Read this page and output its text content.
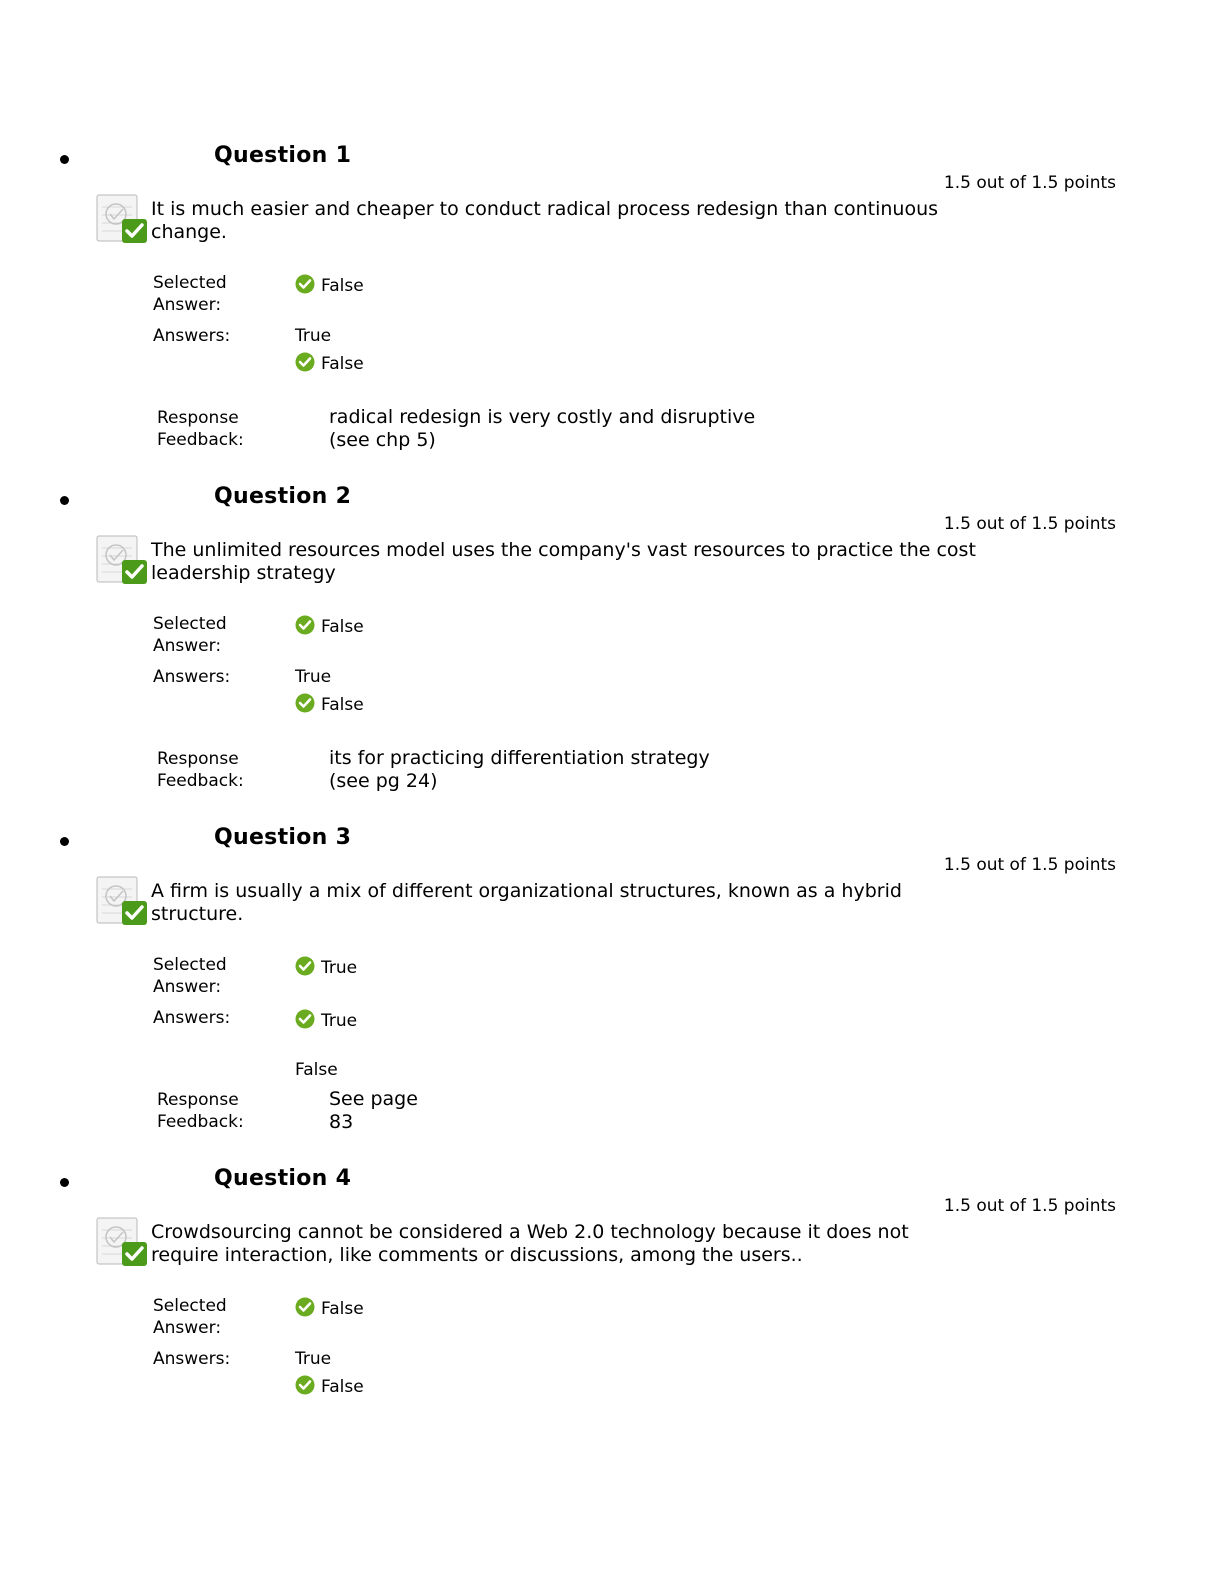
Question 1
1.5 out of 1.5 points
It is much easier and cheaper to conduct radical process redesign than continuous change.
Selected Answer:
False
Answers:	True
False
Response Feedback:
radical redesign is very costly and disruptive (see chp 5)
Question 2
1.5 out of 1.5 points
The unlimited resources model uses the company's vast resources to practice the cost leadership strategy
Selected Answer:
False
Answers:	True
False
Response Feedback:
its for practicing differentiation strategy (see pg 24)
Question 3
1.5 out of 1.5 points
A firm is usually a mix of different organizational structures, known as a hybrid structure.
Selected Answer:
True
Answers:	True
False
Response Feedback:
See page 83
Question 4
1.5 out of 1.5 points
Crowdsourcing cannot be considered a Web 2.0 technology because it does not require interaction, like comments or discussions, among the users..
Selected Answer:
False
Answers:	True
False
